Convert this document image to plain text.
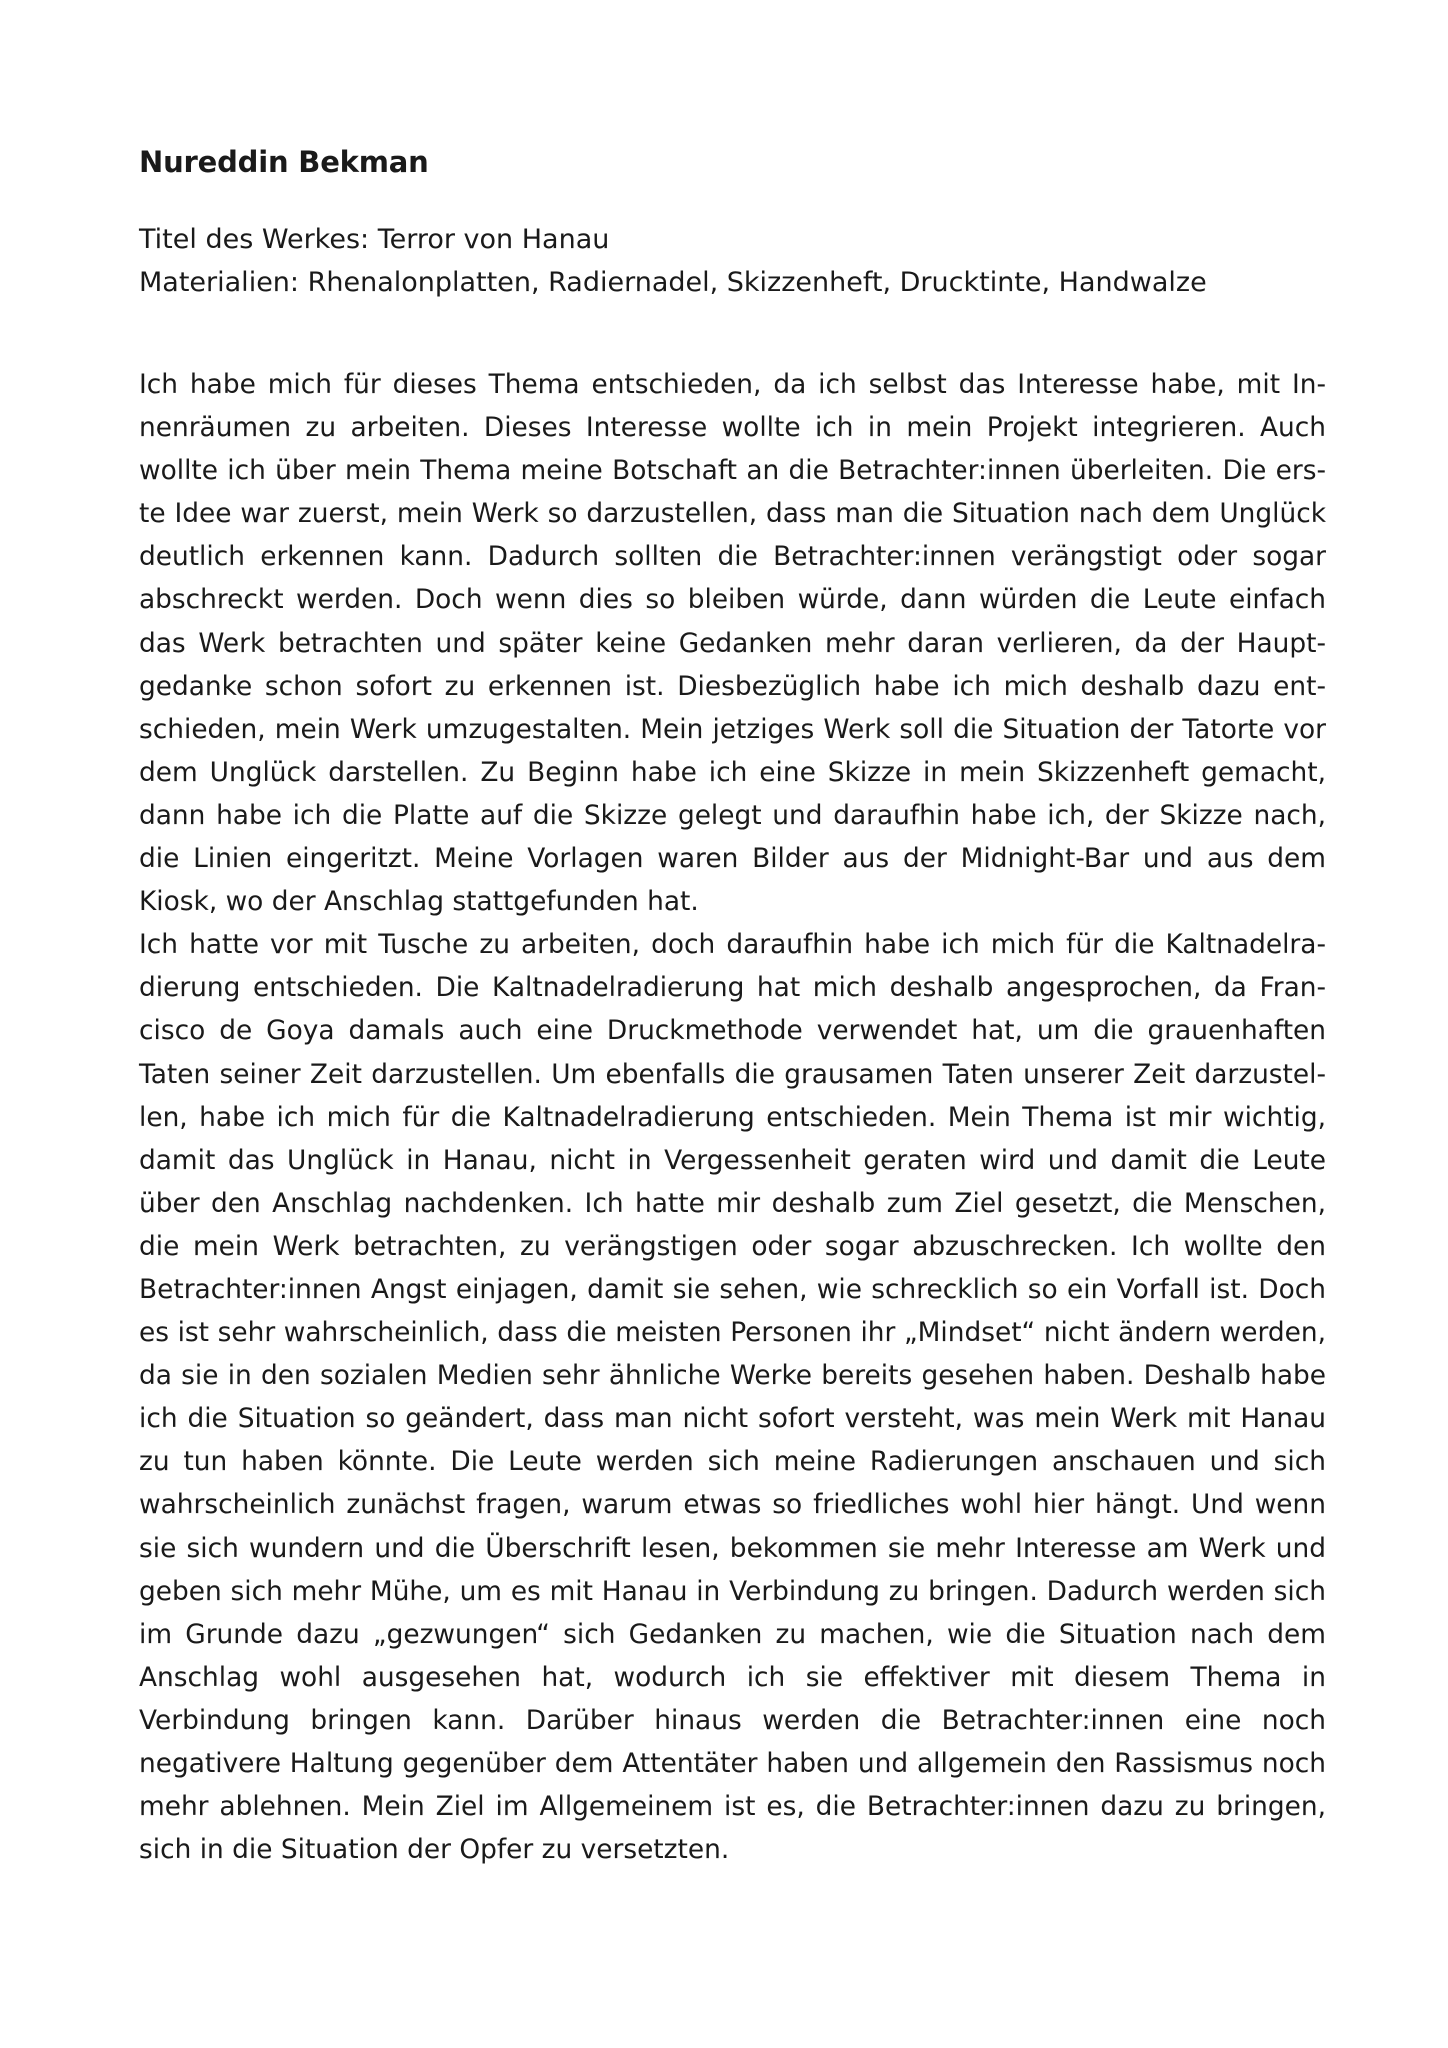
Nureddin Bekman
Titel des Werkes: Terror von Hanau
Materialien: Rhenalonplatten, Radiernadel, Skizzenheft, Drucktinte, Handwalze

Ich habe mich für dieses Thema entschieden, da ich selbst das Interesse habe, mit Innenräumen zu arbeiten. Dieses Interesse wollte ich in mein Projekt integrieren. Auch wollte ich über mein Thema meine Botschaft an die Betrachter:innen überleiten. Die erste Idee war zuerst, mein Werk so darzustellen, dass man die Situation nach dem Unglück deutlich erkennen kann. Dadurch sollten die Betrachter:innen verängstigt oder sogar abschreckt werden. Doch wenn dies so bleiben würde, dann würden die Leute einfach das Werk betrachten und später keine Gedanken mehr daran verlieren, da der Hauptgedanke schon sofort zu erkennen ist. Diesbezüglich habe ich mich deshalb dazu entschieden, mein Werk umzugestalten. Mein jetziges Werk soll die Situation der Tatorte vor dem Unglück darstellen. Zu Beginn habe ich eine Skizze in mein Skizzenheft gemacht, dann habe ich die Platte auf die Skizze gelegt und daraufhin habe ich, der Skizze nach, die Linien eingeritzt. Meine Vorlagen waren Bilder aus der Midnight-Bar und aus dem Kiosk, wo der Anschlag stattgefunden hat.

Ich hatte vor mit Tusche zu arbeiten, doch daraufhin habe ich mich für die Kaltnadelradierung entschieden. Die Kaltnadelradierung hat mich deshalb angesprochen, da Francisco de Goya damals auch eine Druckmethode verwendet hat, um die grauenhaften Taten seiner Zeit darzustellen. Um ebenfalls die grausamen Taten unserer Zeit darzustellen, habe ich mich für die Kaltnadelradierung entschieden. Mein Thema ist mir wichtig, damit das Unglück in Hanau, nicht in Vergessenheit geraten wird und damit die Leute über den Anschlag nachdenken. Ich hatte mir deshalb zum Ziel gesetzt, die Menschen, die mein Werk betrachten, zu verängstigen oder sogar abzuschrecken. Ich wollte den Betrachter:innen Angst einjagen, damit sie sehen, wie schrecklich so ein Vorfall ist. Doch es ist sehr wahrscheinlich, dass die meisten Personen ihr „Mindset“ nicht ändern werden, da sie in den sozialen Medien sehr ähnliche Werke bereits gesehen haben. Deshalb habe ich die Situation so geändert, dass man nicht sofort versteht, was mein Werk mit Hanau zu tun haben könnte. Die Leute werden sich meine Radierungen anschauen und sich wahrscheinlich zunächst fragen, warum etwas so friedliches wohl hier hängt. Und wenn sie sich wundern und die Überschrift lesen, bekommen sie mehr Interesse am Werk und geben sich mehr Mühe, um es mit Hanau in Verbindung zu bringen. Dadurch werden sich im Grunde dazu „gezwungen“ sich Gedanken zu machen, wie die Situation nach dem Anschlag wohl ausgesehen hat, wodurch ich sie effektiver mit diesem Thema in Verbindung bringen kann. Darüber hinaus werden die Betrachter:innen eine noch negativere Haltung gegenüber dem Attentäter haben und allgemein den Rassismus noch mehr ablehnen. Mein Ziel im Allgemeinem ist es, die Betrachter:innen dazu zu bringen, sich in die Situation der Opfer zu versetzten.
